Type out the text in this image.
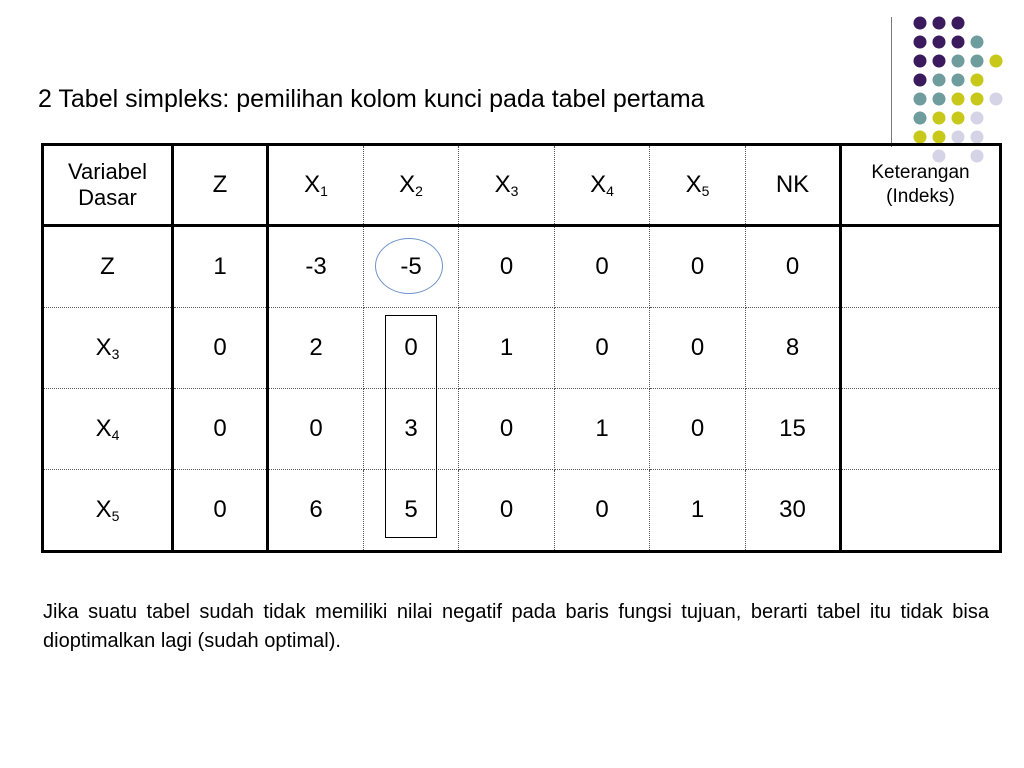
2 Tabel simpleks: pemilihan kolom kunci pada tabel pertama
Variabel
Dasar	Z	$X_1$	$X_2$	$X_3$	$X_4$	$X_5$	NK	Keterangan
(Indeks)

Z	1	-3	-5	0	0	0	0	
$X_3$	0	2	0	1	0	0	8	
$X_4$	0	0	3	0	1	0	15	
$X_5$	0	6	5	0	0	1	30	
Jika suatu tabel sudah tidak memiliki nilai negatif pada baris fungsi tujuan, berarti tabel itu tidak bisa dioptimalkan lagi (sudah optimal).
